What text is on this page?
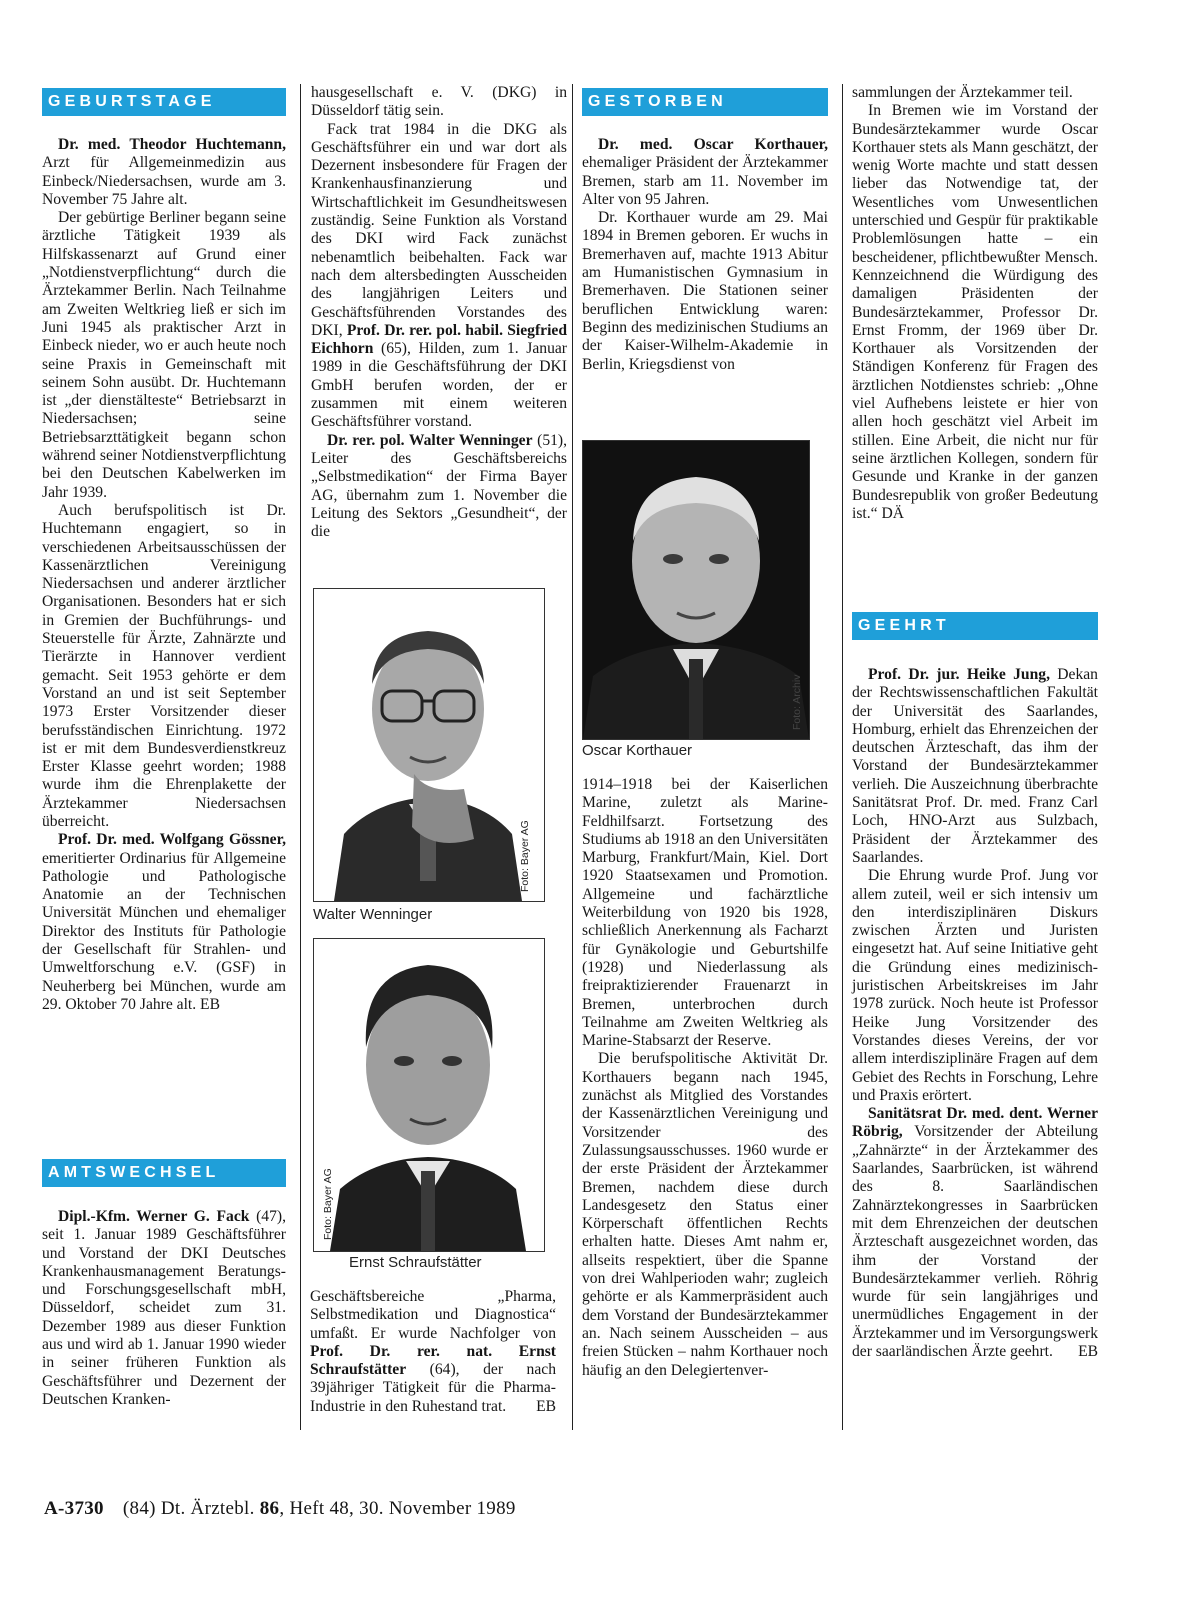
GEBURTSTAGE

Dr. med. Theodor Huchtemann, Arzt für Allgemeinmedizin aus Einbeck/Niedersachsen, wurde am 3. November 75 Jahre alt.

Der gebürtige Berliner begann seine ärztliche Tätigkeit 1939 als Hilfskassenarzt auf Grund einer „Notdienstverpflichtung“ durch die Ärztekammer Berlin. Nach Teilnahme am Zweiten Weltkrieg ließ er sich im Juni 1945 als praktischer Arzt in Einbeck nieder, wo er auch heute noch seine Praxis in Gemeinschaft mit seinem Sohn ausübt. Dr. Huchtemann ist „der dienstälteste“ Betriebsarzt in Niedersachsen; seine Betriebsarzttätigkeit begann schon während seiner Notdienstverpflichtung bei den Deutschen Kabelwerken im Jahr 1939.

Auch berufspolitisch ist Dr. Huchtemann engagiert, so in verschiedenen Arbeitsausschüssen der Kassenärztlichen Vereinigung Niedersachsen und anderer ärztlicher Organisationen. Besonders hat er sich in Gremien der Buchführungs- und Steuerstelle für Ärzte, Zahnärzte und Tierärzte in Hannover verdient gemacht. Seit 1953 gehörte er dem Vorstand an und ist seit September 1973 Erster Vorsitzender dieser berufsständischen Einrichtung. 1972 ist er mit dem Bundesverdienstkreuz Erster Klasse geehrt worden; 1988 wurde ihm die Ehrenplakette der Ärztekammer Niedersachsen überreicht.

Prof. Dr. med. Wolfgang Gössner, emeritierter Ordinarius für Allgemeine Pathologie und Pathologische Anatomie an der Technischen Universität München und ehemaliger Direktor des Instituts für Pathologie der Gesellschaft für Strahlen- und Umweltforschung e.V. (GSF) in Neuherberg bei München, wurde am 29. Oktober 70 Jahre alt. EB

AMTSWECHSEL

Dipl.-Kfm. Werner G. Fack (47), seit 1. Januar 1989 Geschäftsführer und Vorstand der DKI Deutsches Krankenhausmanagement Beratungs- und Forschungsgesellschaft mbH, Düsseldorf, scheidet zum 31. Dezember 1989 aus dieser Funktion aus und wird ab 1. Januar 1990 wieder in seiner früheren Funktion als Geschäftsführer und Dezernent der Deutschen Kranken-

hausgesellschaft e. V. (DKG) in Düsseldorf tätig sein.

Fack trat 1984 in die DKG als Geschäftsführer ein und war dort als Dezernent insbesondere für Fragen der Krankenhausfinanzierung und Wirtschaftlichkeit im Gesundheitswesen zuständig. Seine Funktion als Vorstand des DKI wird Fack zunächst nebenamtlich beibehalten. Fack war nach dem altersbedingten Ausscheiden des langjährigen Leiters und Geschäftsführenden Vorstandes des DKI, Prof. Dr. rer. pol. habil. Siegfried Eichhorn (65), Hilden, zum 1. Januar 1989 in die Geschäftsführung der DKI GmbH berufen worden, der er zusammen mit einem weiteren Geschäftsführer vorstand.

Dr. rer. pol. Walter Wenninger (51), Leiter des Geschäftsbereichs „Selbstmedikation“ der Firma Bayer AG, übernahm zum 1. November die Leitung des Sektors „Gesundheit“, der die

Foto: Bayer AG
Walter Wenninger
Foto: Bayer AG
Ernst Schraufstätter

Geschäftsbereiche „Pharma, Selbstmedikation und Diagnostica“ umfaßt. Er wurde Nachfolger von Prof. Dr. rer. nat. Ernst Schraufstätter (64), der nach 39jähriger Tätigkeit für die Pharma-Industrie in den Ruhestand trat. EB

GESTORBEN

Dr. med. Oscar Korthauer, ehemaliger Präsident der Ärztekammer Bremen, starb am 11. November im Alter von 95 Jahren.

Dr. Korthauer wurde am 29. Mai 1894 in Bremen geboren. Er wuchs in Bremerhaven auf, machte 1913 Abitur am Humanistischen Gymnasium in Bremerhaven. Die Stationen seiner beruflichen Entwicklung waren: Beginn des medizinischen Studiums an der Kaiser-Wilhelm-Akademie in Berlin, Kriegsdienst von

Foto: Archiv
Oscar Korthauer

1914–1918 bei der Kaiserlichen Marine, zuletzt als Marine-Feldhilfsarzt. Fortsetzung des Studiums ab 1918 an den Universitäten Marburg, Frankfurt/Main, Kiel. Dort 1920 Staatsexamen und Promotion. Allgemeine und fachärztliche Weiterbildung von 1920 bis 1928, schließlich Anerkennung als Facharzt für Gynäkologie und Geburtshilfe (1928) und Niederlassung als freipraktizierender Frauenarzt in Bremen, unterbrochen durch Teilnahme am Zweiten Weltkrieg als Marine-Stabsarzt der Reserve.

Die berufspolitische Aktivität Dr. Korthauers begann nach 1945, zunächst als Mitglied des Vorstandes der Kassenärztlichen Vereinigung und Vorsitzender des Zulassungsausschusses. 1960 wurde er der erste Präsident der Ärztekammer Bremen, nachdem diese durch Landesgesetz den Status einer Körperschaft öffentlichen Rechts erhalten hatte. Dieses Amt nahm er, allseits respektiert, über die Spanne von drei Wahlperioden wahr; zugleich gehörte er als Kammerpräsident auch dem Vorstand der Bundesärztekammer an. Nach seinem Ausscheiden – aus freien Stücken – nahm Korthauer noch häufig an den Delegiertenver-

sammlungen der Ärztekammer teil.

In Bremen wie im Vorstand der Bundesärztekammer wurde Oscar Korthauer stets als Mann geschätzt, der wenig Worte machte und statt dessen lieber das Notwendige tat, der Wesentliches vom Unwesentlichen unterschied und Gespür für praktikable Problemlösungen hatte – ein bescheidener, pflichtbewußter Mensch. Kennzeichnend die Würdigung des damaligen Präsidenten der Bundesärztekammer, Professor Dr. Ernst Fromm, der 1969 über Dr. Korthauer als Vorsitzenden der Ständigen Konferenz für Fragen des ärztlichen Notdienstes schrieb: „Ohne viel Aufhebens leistete er hier von allen hoch geschätzt viel Arbeit im stillen. Eine Arbeit, die nicht nur für seine ärztlichen Kollegen, sondern für Gesunde und Kranke in der ganzen Bundesrepublik von großer Bedeutung ist.“ DÄ

GEEHRT

Prof. Dr. jur. Heike Jung, Dekan der Rechtswissenschaftlichen Fakultät der Universität des Saarlandes, Homburg, erhielt das Ehrenzeichen der deutschen Ärzteschaft, das ihm der Vorstand der Bundesärztekammer verlieh. Die Auszeichnung überbrachte Sanitätsrat Prof. Dr. med. Franz Carl Loch, HNO-Arzt aus Sulzbach, Präsident der Ärztekammer des Saarlandes.

Die Ehrung wurde Prof. Jung vor allem zuteil, weil er sich intensiv um den interdisziplinären Diskurs zwischen Ärzten und Juristen eingesetzt hat. Auf seine Initiative geht die Gründung eines medizinisch-juristischen Arbeitskreises im Jahr 1978 zurück. Noch heute ist Professor Heike Jung Vorsitzender des Vorstandes dieses Vereins, der vor allem interdisziplinäre Fragen auf dem Gebiet des Rechts in Forschung, Lehre und Praxis erörtert.

Sanitätsrat Dr. med. dent. Werner Röbrig, Vorsitzender der Abteilung „Zahnärzte“ in der Ärztekammer des Saarlandes, Saarbrücken, ist während des 8. Saarländischen Zahnärztekongresses in Saarbrücken mit dem Ehrenzeichen der deutschen Ärzteschaft ausgezeichnet worden, das ihm der Vorstand der Bundesärztekammer verlieh. Röhrig wurde für sein langjähriges und unermüdliches Engagement in der Ärztekammer und im Versorgungswerk der saarländischen Ärzte geehrt.	EB

A-3730 (84) Dt. Ärztebl. 86, Heft 48, 30. November 1989
